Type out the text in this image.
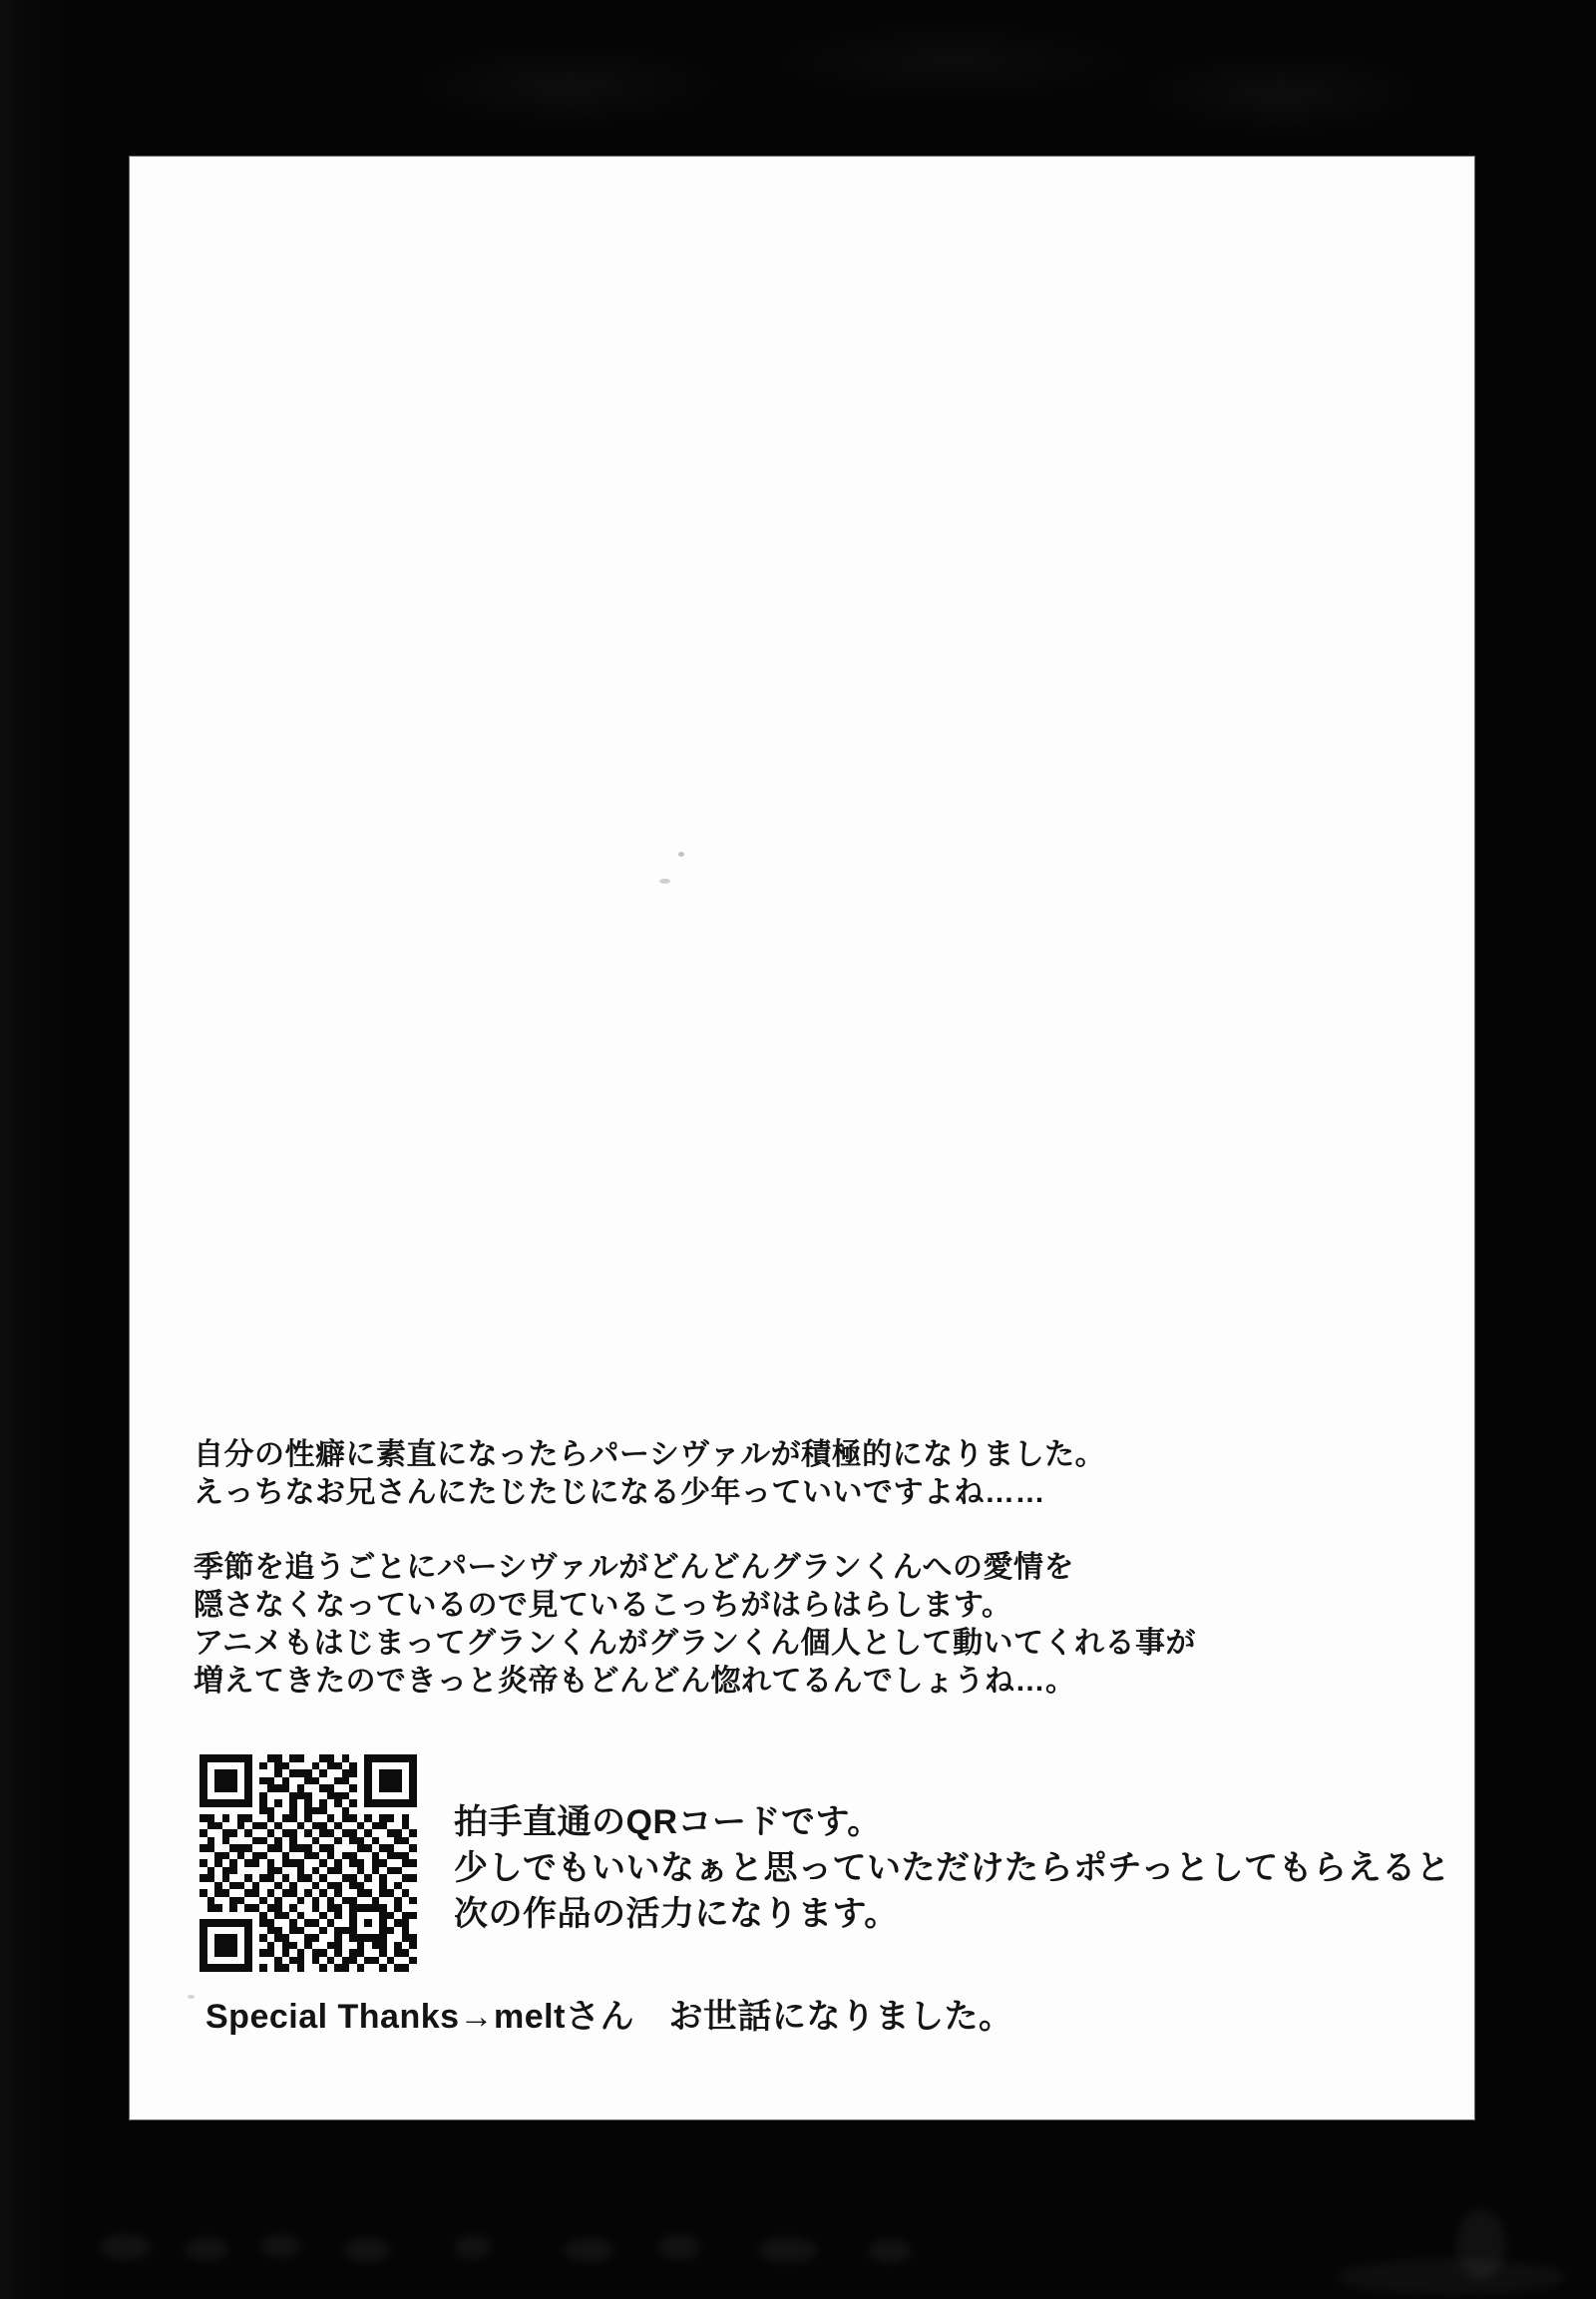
自分の性癖に素直になったらパーシヴァルが積極的になりました。
えっちなお兄さんにたじたじになる少年っていいですよね……
季節を追うごとにパーシヴァルがどんどんグランくんへの愛情を
隠さなくなっているので見ているこっちがはらはらします。
アニメもはじまってグランくんがグランくん個人として動いてくれる事が
増えてきたのできっと炎帝もどんどん惚れてるんでしょうね…。
拍手直通のQRコードです。
少しでもいいなぁと思っていただけたらポチっとしてもらえると
次の作品の活力になります。
Special Thanks→meltさん　お世話になりました。
